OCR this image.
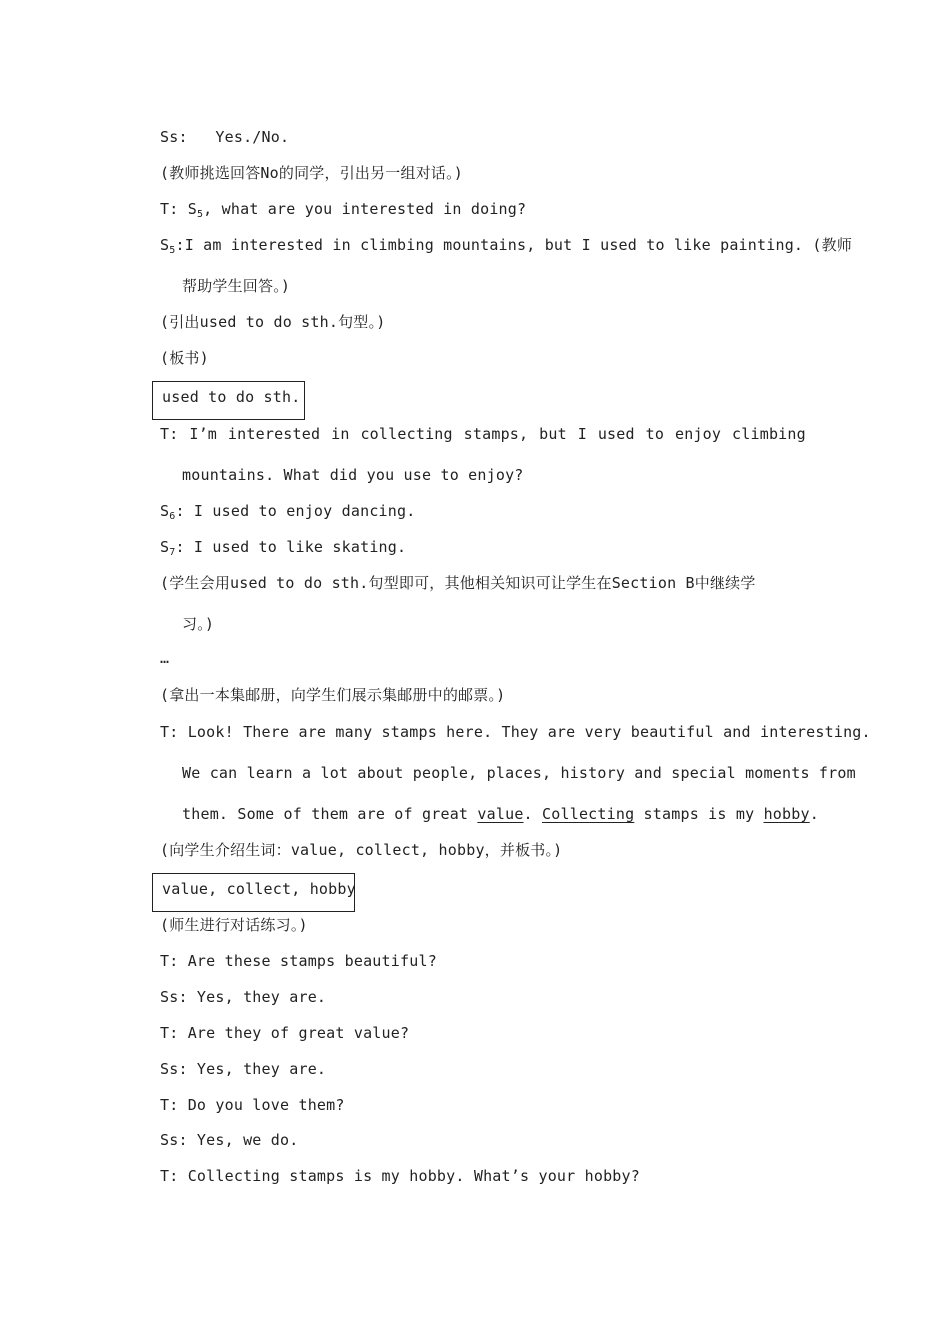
Ss:   Yes./No.
(教师挑选回答No的同学，引出另一组对话。)
T: $S_5$, what are you interested in doing?
$S_5:I$ am interested in climbing mountains, but I used to like painting. (教师
帮助学生回答。)
(引出used to do sth.句型。)
(板书)
used to do sth.
T: I’m interested in collecting stamps, but I used to enjoy climbing
mountains. What did you use to enjoy?
$S_6$: I used to enjoy dancing.
$S_7$: I used to like skating.
(学生会用used to do sth.句型即可，其他相关知识可让学生在Section B中继续学
习。)
…
(拿出一本集邮册，向学生们展示集邮册中的邮票。)
T: Look! There are many stamps here. They are very beautiful and interesting.
We can learn a lot about people, places, history and special moments from
them. Some of them are of great value. Collecting stamps is my hobby.
(向学生介绍生词：value, collect, hobby，并板书。)
value, collect, hobby
(师生进行对话练习。)
T: Are these stamps beautiful?
Ss: Yes, they are.
T: Are they of great value?
Ss: Yes, they are.
T: Do you love them?
Ss: Yes, we do.
T: Collecting stamps is my hobby. What’s your hobby?
